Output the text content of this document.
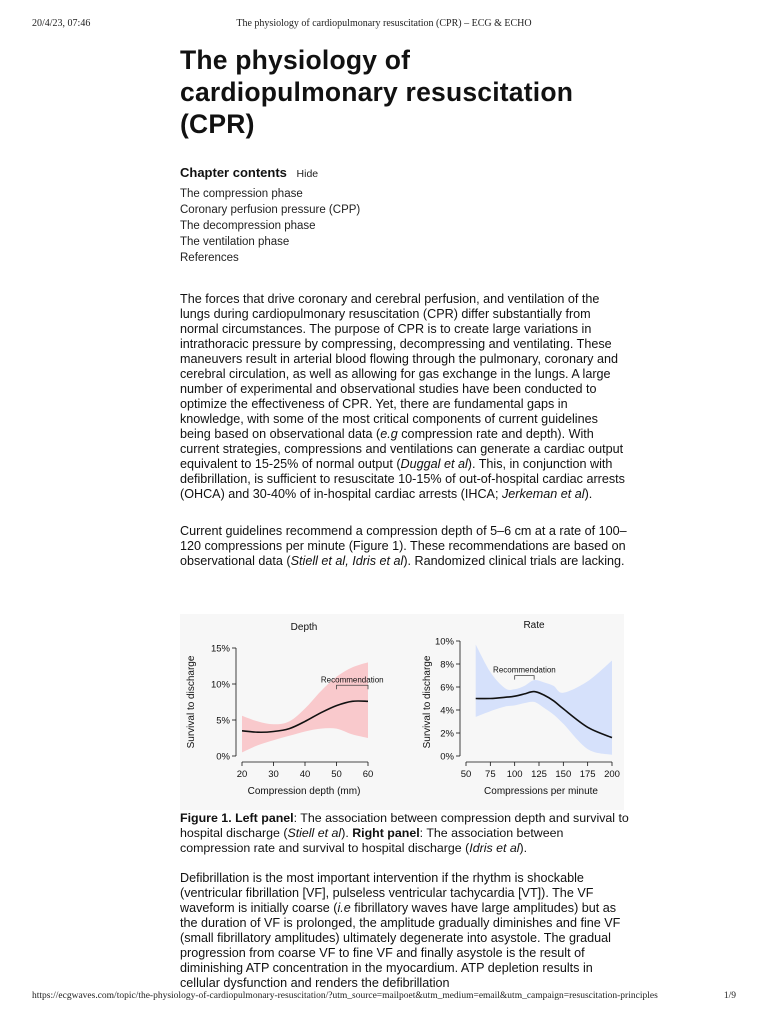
20/4/23, 07:46	The physiology of cardiopulmonary resuscitation (CPR) – ECG & ECHO
The physiology of cardiopulmonary resuscitation (CPR)
Chapter contents Hide
The compression phase
Coronary perfusion pressure (CPP)
The decompression phase
The ventilation phase
References

The forces that drive coronary and cerebral perfusion, and ventilation of the lungs during cardiopulmonary resuscitation (CPR) differ substantially from normal circumstances. The purpose of CPR is to create large variations in intrathoracic pressure by compressing, decompressing and ventilating. These maneuvers result in arterial blood flowing through the pulmonary, coronary and cerebral circulation, as well as allowing for gas exchange in the lungs. A large number of experimental and observational studies have been conducted to optimize the effectiveness of CPR. Yet, there are fundamental gaps in knowledge, with some of the most critical components of current guidelines being based on observational data (e.g compression rate and depth). With current strategies, compressions and ventilations can generate a cardiac output equivalent to 15-25% of normal output (Duggal et al). This, in conjunction with defibrillation, is sufficient to resuscitate 10-15% of out-of-hospital cardiac arrests (OHCA) and 30-40% of in-hospital cardiac arrests (IHCA; Jerkeman et al).

Current guidelines recommend a compression depth of 5–6 cm at a rate of 100–120 compressions per minute (Figure 1). These recommendations are based on observational data (Stiell et al, Idris et al). Randomized clinical trials are lacking.

Depth
Survival to discharge
Compression depth (mm)
20 30 40 50 60
0%
5%
10%
15%
Recommendation
Rate
Survival to discharge
Compressions per minute
50 75 100 125 150 175 200
0%
2%
4%
6%
8%
10%
Recommendation
Figure 1. Left panel: The association between compression depth and survival to hospital discharge (Stiell et al). Right panel: The association between compression rate and survival to hospital discharge (Idris et al).
Defibrillation is the most important intervention if the rhythm is shockable (ventricular fibrillation [VF], pulseless ventricular tachycardia [VT]). The VF waveform is initially coarse (i.e fibrillatory waves have large amplitudes) but as the duration of VF is prolonged, the amplitude gradually diminishes and fine VF (small fibrillatory amplitudes) ultimately degenerate into asystole. The gradual progression from coarse VF to fine VF and finally asystole is the result of diminishing ATP concentration in the myocardium. ATP depletion results in cellular dysfunction and renders the defibrillation
https://ecgwaves.com/topic/the-physiology-of-cardiopulmonary-resuscitation/?utm_source=mailpoet&utm_medium=email&utm_campaign=resuscitation-principles	1/9
